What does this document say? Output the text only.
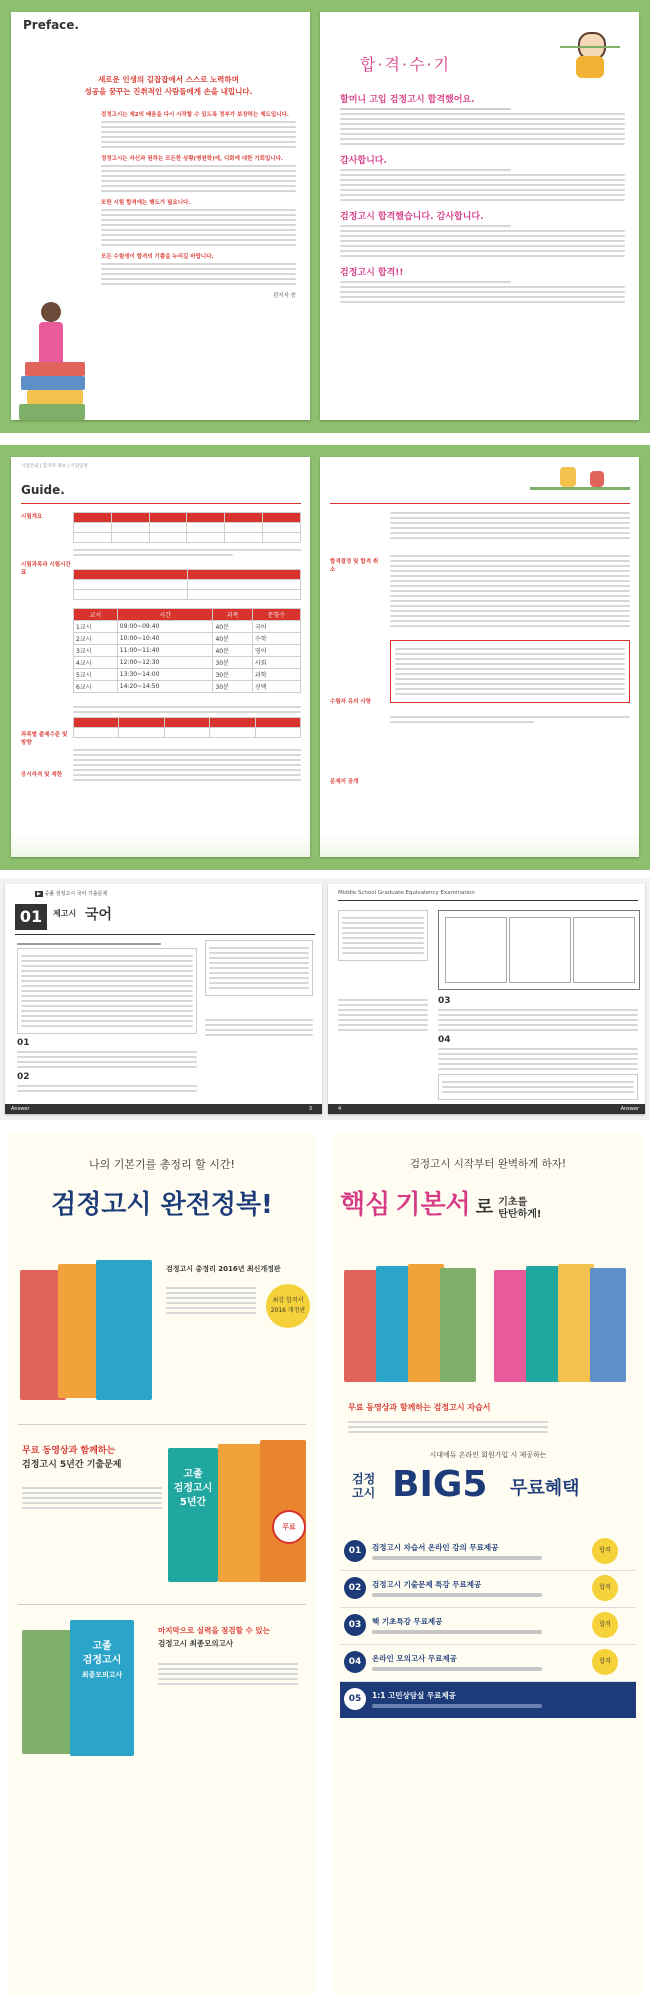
Preface.
새로운 인생의 길잡잡에서 스스로 노력하며
성공을 꿈꾸는 진취적인 사람들에게 손을 내밉니다.
검정고시는 제2의 배움을 다시 시작할 수 있도록 정부가 보장하는 제도입니다.
정정고시는 자신과 원하는 모든한 상황(병원학)에, 디회에 대한 기회입니다.
또한 시험 합격에는 행도가 필요니다.
모든 수험생이 합격의 기쁨을 누리길 바랍니다.
편저자 씀
합·격·수·기
할머니 고입 검정고시 합격했어요.
감사합니다.
검정고시 합격했습니다. 감사합니다.
검정고시 합격!!
시험안내 | 합격자 정보 | 시험일정
Guide.
시험개요
시험과목과 시험시간표
과목별 출제수준 및 방향
응시자격 및 제한

교시	시간	과목	문항수
1교시	09:00~09:40	40분	국어
2교시	10:00~10:40	40분	수학
3교시	11:00~11:40	40분	영어
4교시	12:00~12:30	30분	사회
5교시	13:30~14:00	30분	과학
6교시	14:20~14:50	30분	선택

합격결정 및 합격 취소
수험자 유의 사항
문제지 공개
▶ 중졸 검정고시 국어 기출문제
01	제고시 국어
01
02
Answer	3
Middle School Graduate Equivalency Examination
03
04
4	Answer
나의 기본기를 총정리 할 시간!
검정고시 완전정복!
검정고시 총정리 2016년 최신개정판
최강 합격서
2016 개정판
무료 동영상과 함께하는
검정고시 5년간 기출문제
고졸
검정고시
5년간
무료
고졸
검정고시
최종모의고사
마지막으로 실력을 점검할 수 있는
검정고시 최종모의고사
검정고시 시작부터 완벽하게 하자!
핵심 기본서 로 기초를
탄탄하게!
무료 동영상과 함께하는 검정고시 자습서
시대에듀 온라인 회원가입 시 제공하는
검정
고시 BIG5 무료혜택
01	검정고시 자습서 온라인 강의 무료제공	합격
02	검정고시 기출문제 특강 무료제공	합격
03	핵 기초특강 무료제공	합격
04	온라인 모의고사 무료제공	합격
05	1:1 고민상담실 무료제공
